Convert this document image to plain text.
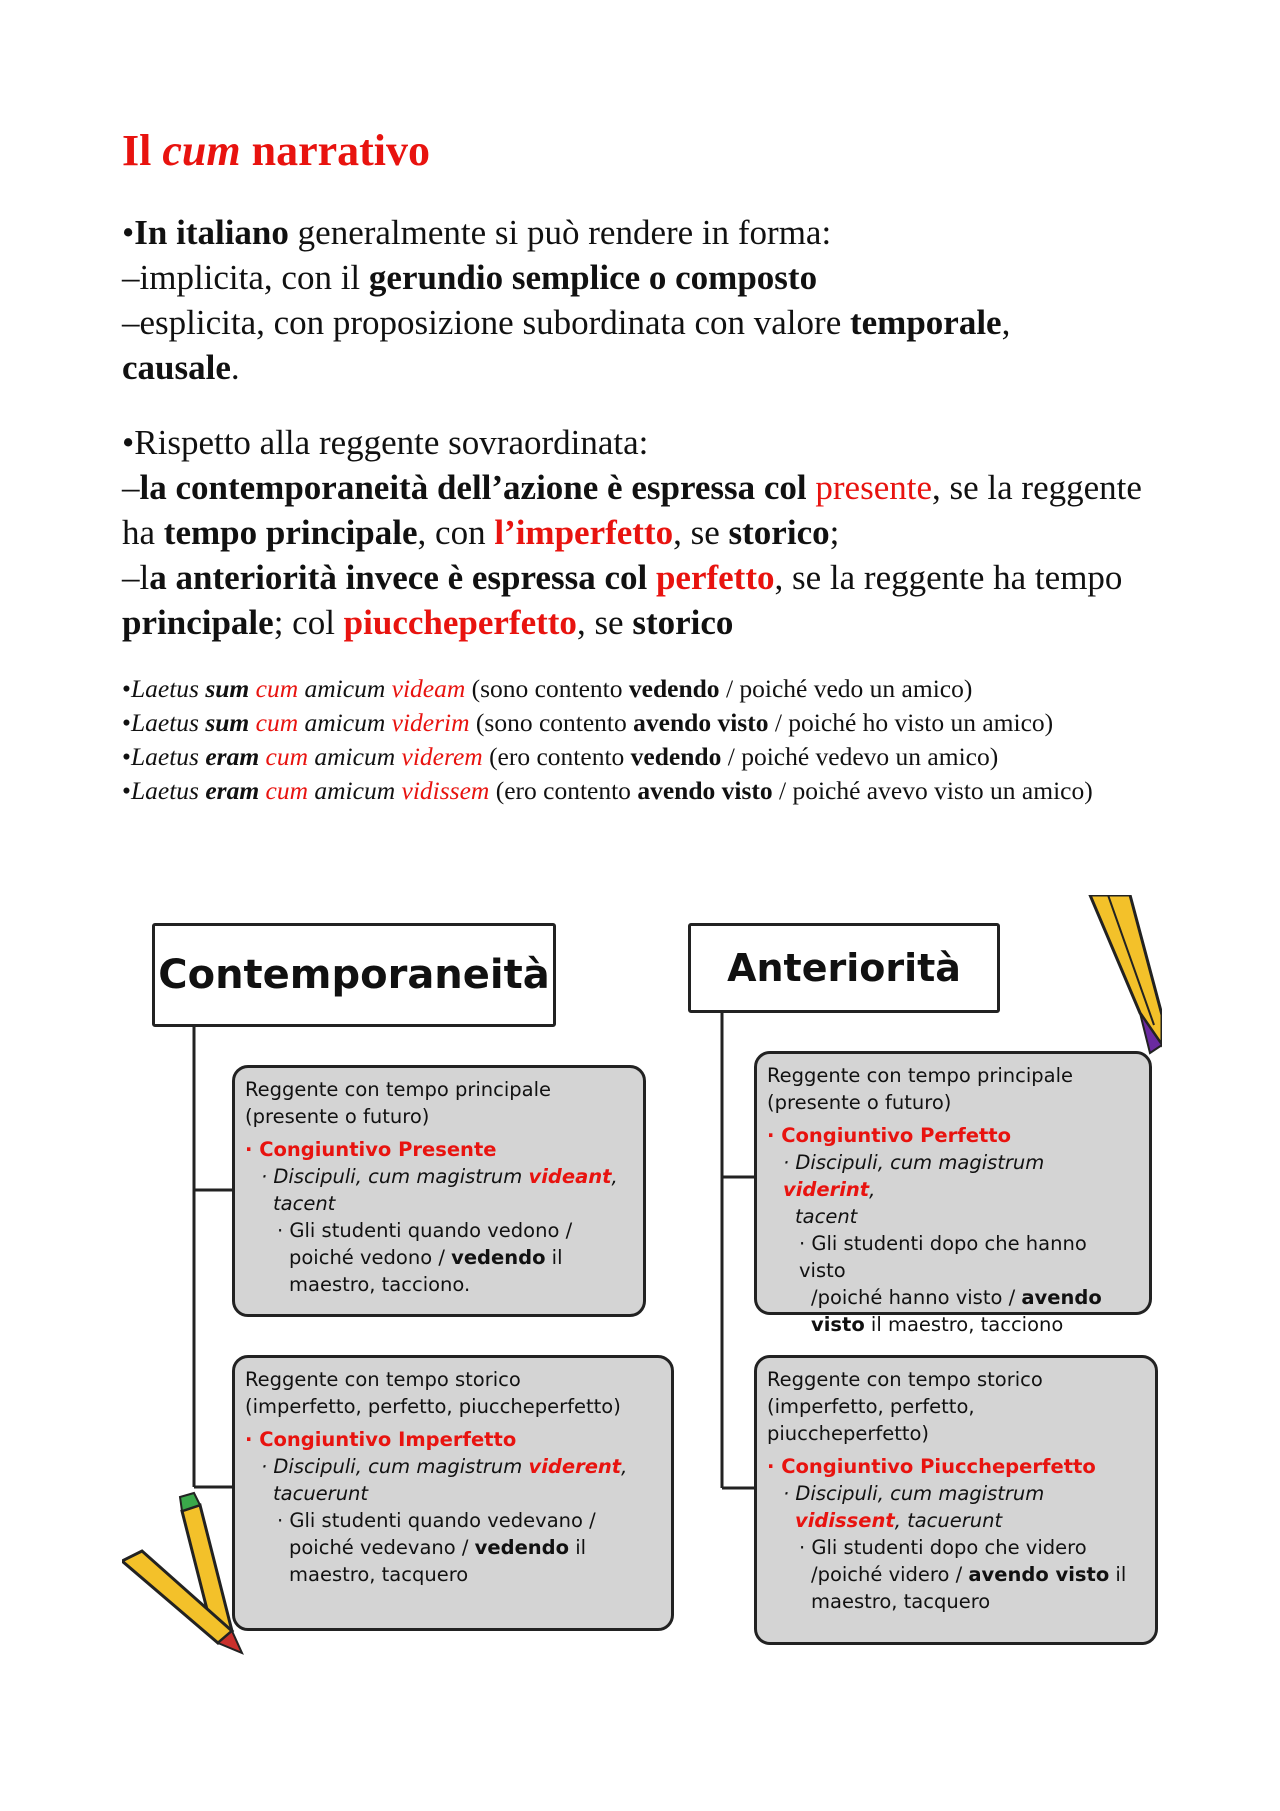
Il cum narrativo
•In italiano generalmente si può rendere in forma:
–implicita, con il gerundio semplice o composto
–esplicita, con proposizione subordinata con valore temporale,
causale.
•Rispetto alla reggente sovraordinata:
–la contemporaneità dell’azione è espressa col presente, se la reggente ha tempo principale, con l’imperfetto, se storico;
–la anteriorità invece è espressa col perfetto, se la reggente ha tempo principale; col piuccheperfetto, se storico

•Laetus sum cum amicum videam (sono contento vedendo / poiché vedo un amico)

•Laetus sum cum amicum viderim (sono contento avendo visto / poiché ho visto un amico)

•Laetus eram cum amicum viderem (ero contento vedendo / poiché vedevo un amico)

•Laetus eram cum amicum vidissem (ero contento avendo visto / poiché avevo visto un amico)

Contemporaneità	Anteriorità

Reggente con tempo principale

(presente o futuro)

· Congiuntivo Presente

· Discipuli, cum magistrum videant,
tacent

· Gli studenti quando vedono /

poiché vedono / vedendo il
maestro, tacciono.

Reggente con tempo storico

(imperfetto, perfetto, piuccheperfetto)

· Congiuntivo Imperfetto

· Discipuli, cum magistrum viderent,
tacuerunt

· Gli studenti quando vedevano /

poiché vedevano / vedendo il
maestro, tacquero

Reggente con tempo principale

(presente o futuro)

· Congiuntivo Perfetto

· Discipuli, cum magistrum viderint,
tacent

· Gli studenti dopo che hanno visto

/poiché hanno visto / avendo
visto il maestro, tacciono

Reggente con tempo storico

(imperfetto, perfetto,

piuccheperfetto)

· Congiuntivo Piuccheperfetto

· Discipuli, cum magistrum

vidissent, tacuerunt

· Gli studenti dopo che videro

/poiché videro / avendo visto il
maestro, tacquero
